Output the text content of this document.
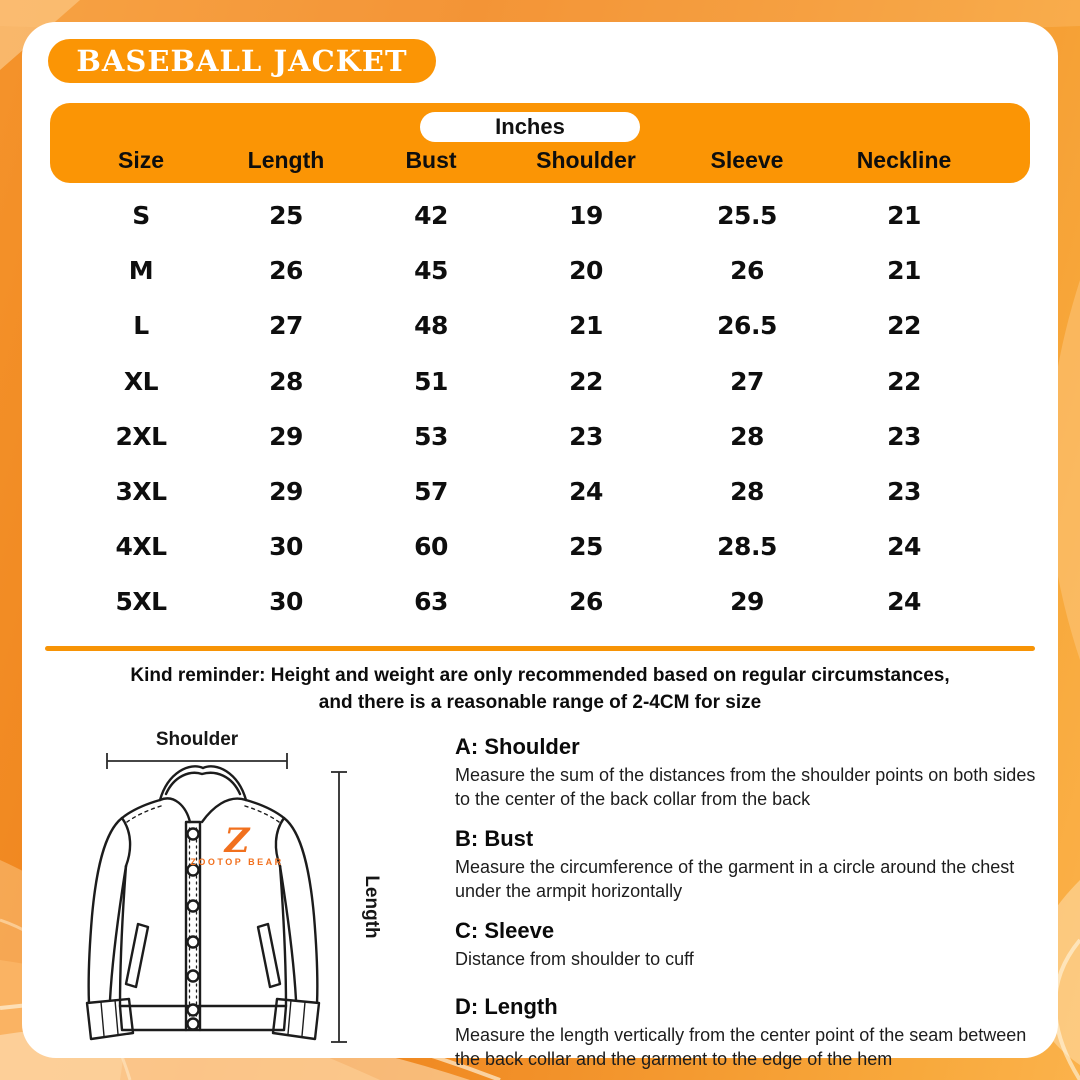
BASEBALL JACKET
Inches
Size	Length	Bust	Shoulder	Sleeve	Neckline
S	25	42	19	25.5	21
M	26	45	20	26	21
L	27	48	21	26.5	22
XL	28	51	22	27	22
2XL	29	53	23	28	23
3XL	29	57	24	28	23
4XL	30	60	25	28.5	24
5XL	30	63	26	29	24
Kind reminder: Height and weight are only recommended based on regular circumstances,
and there is a reasonable range of 2-4CM for size
Shoulder
Length
Z
ZOOTOP BEAR
A: Shoulder

Measure the sum of the distances from the shoulder points on both sides to the center of the back collar from the back

B: Bust

Measure the circumference of the garment in a circle around the chest under the armpit horizontally

C: Sleeve

Distance from shoulder to cuff

D: Length

Measure the length vertically from the center point of the seam between the back collar and the garment to the edge of the hem
